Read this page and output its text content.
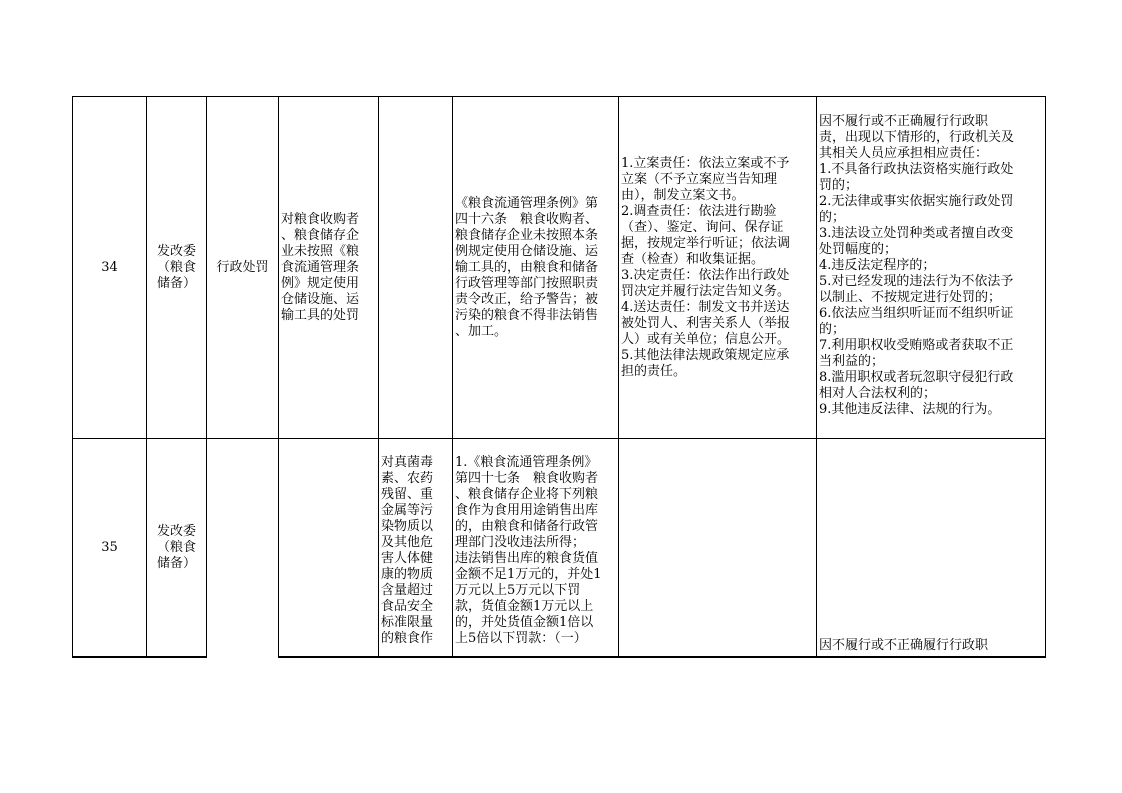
34
发改委
（粮食
储备）
行政处罚
对粮食收购者
、粮食储存企
业未按照《粮
食流通管理条
例》规定使用
仓储设施、运
输工具的处罚
《粮食流通管理条例》第
四十六条　粮食收购者、
粮食储存企业未按照本条
例规定使用仓储设施、运
输工具的，由粮食和储备
行政管理等部门按照职责
责令改正，给予警告；被
污染的粮食不得非法销售
、加工。
1.立案责任：依法立案或不予
立案（不予立案应当告知理
由），制发立案文书。
2.调查责任：依法进行勘验
（查）、鉴定、询问、保存证
据，按规定举行听证；依法调
查（检查）和收集证据。
3.决定责任：依法作出行政处
罚决定并履行法定告知义务。
4.送达责任：制发文书并送达
被处罚人、利害关系人（举报
人）或有关单位；信息公开。
5.其他法律法规政策规定应承
担的责任。

因不履行或不正确履行行政职
责，出现以下情形的，行政机关及
其相关人员应承担相应责任：
1.不具备行政执法资格实施行政处
罚的；
2.无法律或事实依据实施行政处罚
的；
3.违法设立处罚种类或者擅自改变
处罚幅度的；
4.违反法定程序的；
5.对已经发现的违法行为不依法予
以制止、不按规定进行处罚的；
6.依法应当组织听证而不组织听证
的；
7.利用职权收受贿赂或者获取不正
当利益的；
8.滥用职权或者玩忽职守侵犯行政
相对人合法权利的；
9.其他违反法律、法规的行为。

35
发改委
（粮食
储备）

对真菌毒
素、农药
残留、重
金属等污
染物质以
及其他危
害人体健
康的物质
含量超过
食品安全
标准限量
的粮食作

1.《粮食流通管理条例》
第四十七条　粮食收购者
、粮食储存企业将下列粮
食作为食用用途销售出库
的，由粮食和储备行政管
理部门没收违法所得；
违法销售出库的粮食货值
金额不足1万元的，并处1
万元以上5万元以下罚
款，货值金额1万元以上
的，并处货值金额1倍以
上5倍以下罚款：（一）	因不履行或不正确履行行政职
